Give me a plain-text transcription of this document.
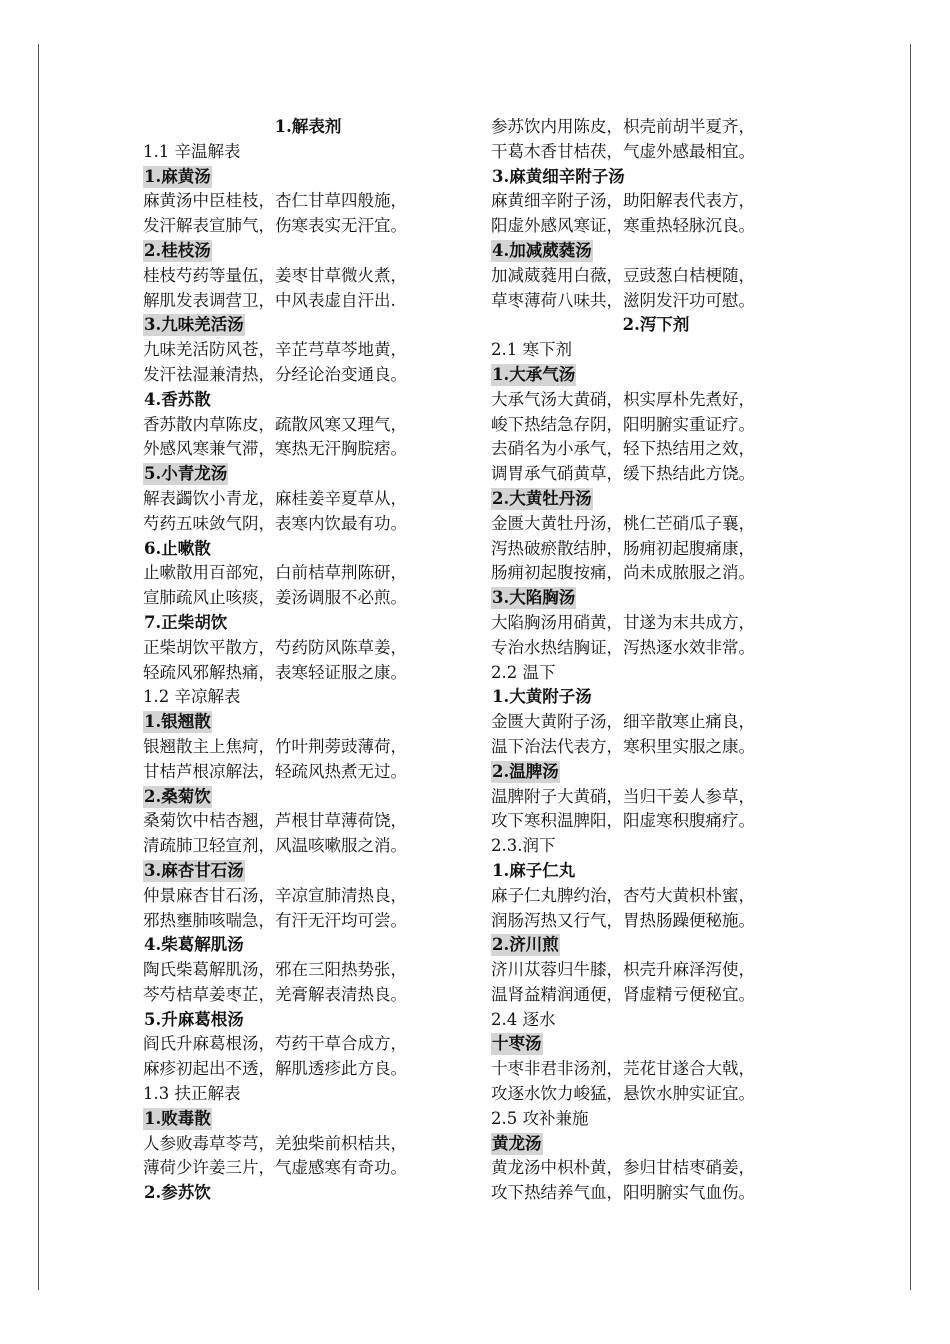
1.解表剂
1.1 辛温解表
1.麻黄汤
麻黄汤中臣桂枝，杏仁甘草四般施，
发汗解表宣肺气，伤寒表实无汗宜。
2.桂枝汤
桂枝芍药等量伍，姜枣甘草微火煮，
解肌发表调营卫，中风表虚自汗出.
3.九味羌活汤
九味羌活防风苍，辛芷芎草芩地黄，
发汗祛湿兼清热，分经论治变通良。
4.香苏散
香苏散内草陈皮，疏散风寒又理气，
外感风寒兼气滞，寒热无汗胸脘痞。
5.小青龙汤
解表蠲饮小青龙，麻桂姜辛夏草从，
芍药五味敛气阴，表寒内饮最有功。
6.止嗽散
止嗽散用百部宛，白前桔草荆陈研，
宣肺疏风止咳痰，姜汤调服不必煎。
7.正柴胡饮
正柴胡饮平散方，芍药防风陈草姜，
轻疏风邪解热痛，表寒轻证服之康。
1.2 辛凉解表
1.银翘散
银翘散主上焦疴，竹叶荆蒡豉薄荷，
甘桔芦根凉解法，轻疏风热煮无过。
2.桑菊饮
桑菊饮中桔杏翘，芦根甘草薄荷饶，
清疏肺卫轻宣剂，风温咳嗽服之消。
3.麻杏甘石汤
仲景麻杏甘石汤，辛凉宣肺清热良，
邪热壅肺咳喘急，有汗无汗均可尝。
4.柴葛解肌汤
陶氏柴葛解肌汤，邪在三阳热势张，
芩芍桔草姜枣芷，羌膏解表清热良。
5.升麻葛根汤
阎氏升麻葛根汤，芍药干草合成方，
麻疹初起出不透，解肌透疹此方良。
1.3 扶正解表
1.败毒散
人参败毒草苓芎，羌独柴前枳桔共，
薄荷少许姜三片，气虚感寒有奇功。
2.参苏饮
参苏饮内用陈皮，枳壳前胡半夏齐，
干葛木香甘桔茯，气虚外感最相宜。
3.麻黄细辛附子汤
麻黄细辛附子汤，助阳解表代表方，
阳虚外感风寒证，寒重热轻脉沉良。
4.加减葳蕤汤
加减葳蕤用白薇，豆豉葱白桔梗随，
草枣薄荷八味共，滋阴发汗功可慰。
2.泻下剂
2.1 寒下剂
1.大承气汤
大承气汤大黄硝，枳实厚朴先煮好，
峻下热结急存阴，阳明腑实重证疗。
去硝名为小承气，轻下热结用之效，
调胃承气硝黄草，缓下热结此方饶。
2.大黄牡丹汤
金匮大黄牡丹汤，桃仁芒硝瓜子襄，
泻热破瘀散结肿，肠痈初起腹痛康，
肠痈初起腹按痛，尚未成脓服之消。
3.大陷胸汤
大陷胸汤用硝黄，甘遂为末共成方，
专治水热结胸证，泻热逐水效非常。
2.2 温下
1.大黄附子汤
金匮大黄附子汤，细辛散寒止痛良，
温下治法代表方，寒积里实服之康。
2.温脾汤
温脾附子大黄硝，当归干姜人参草，
攻下寒积温脾阳，阳虚寒积腹痛疗。
2.3.润下
1.麻子仁丸
麻子仁丸脾约治，杏芍大黄枳朴蜜，
润肠泻热又行气，胃热肠躁便秘施。
2.济川煎
济川苁蓉归牛膝，枳壳升麻泽泻使，
温肾益精润通便，肾虚精亏便秘宜。
2.4 逐水
十枣汤
十枣非君非汤剂，芫花甘遂合大戟，
攻逐水饮力峻猛，悬饮水肿实证宜。
2.5 攻补兼施
黄龙汤
黄龙汤中枳朴黄，参归甘桔枣硝姜，
攻下热结养气血，阳明腑实气血伤。
